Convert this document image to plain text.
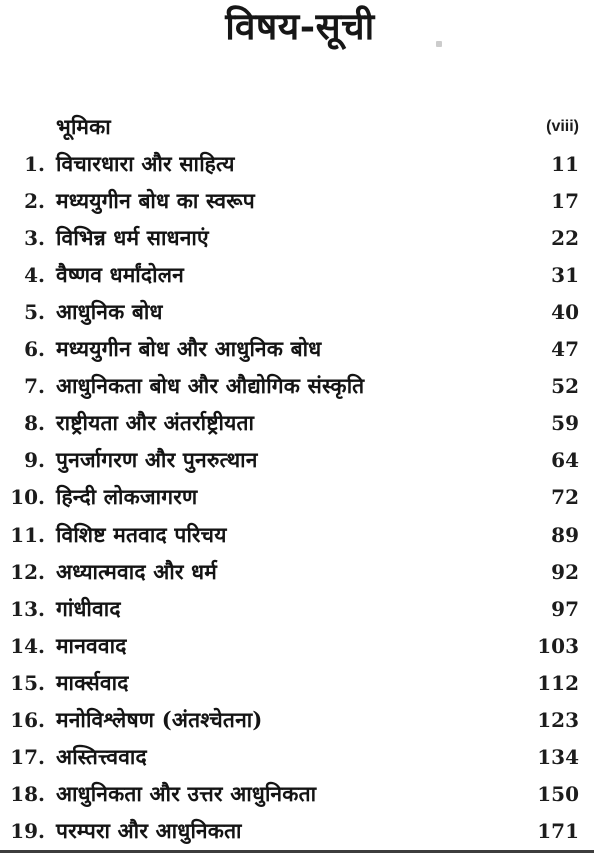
विषय-सूची
भूमिका	(viii)
1. विचारधारा और साहित्य	11
2. मध्ययुगीन बोध का स्वरूप	17
3. विभिन्न धर्म साधनाएं	22
4. वैष्णव धर्मांदोलन	31
5. आधुनिक बोध	40
6. मध्ययुगीन बोध और आधुनिक बोध	47
7. आधुनिकता बोध और औद्योगिक संस्कृति	52
8. राष्ट्रीयता और अंतर्राष्ट्रीयता	59
9. पुनर्जागरण और पुनरुत्थान	64
10. हिन्दी लोकजागरण	72
11. विशिष्ट मतवाद परिचय	89
12. अध्यात्मवाद और धर्म	92
13. गांधीवाद	97
14. मानववाद	103
15. मार्क्सवाद	112
16. मनोविश्लेषण (अंतश्चेतना)	123
17. अस्तित्त्ववाद	134
18. आधुनिकता और उत्तर आधुनिकता	150
19. परम्परा और आधुनिकता	171
